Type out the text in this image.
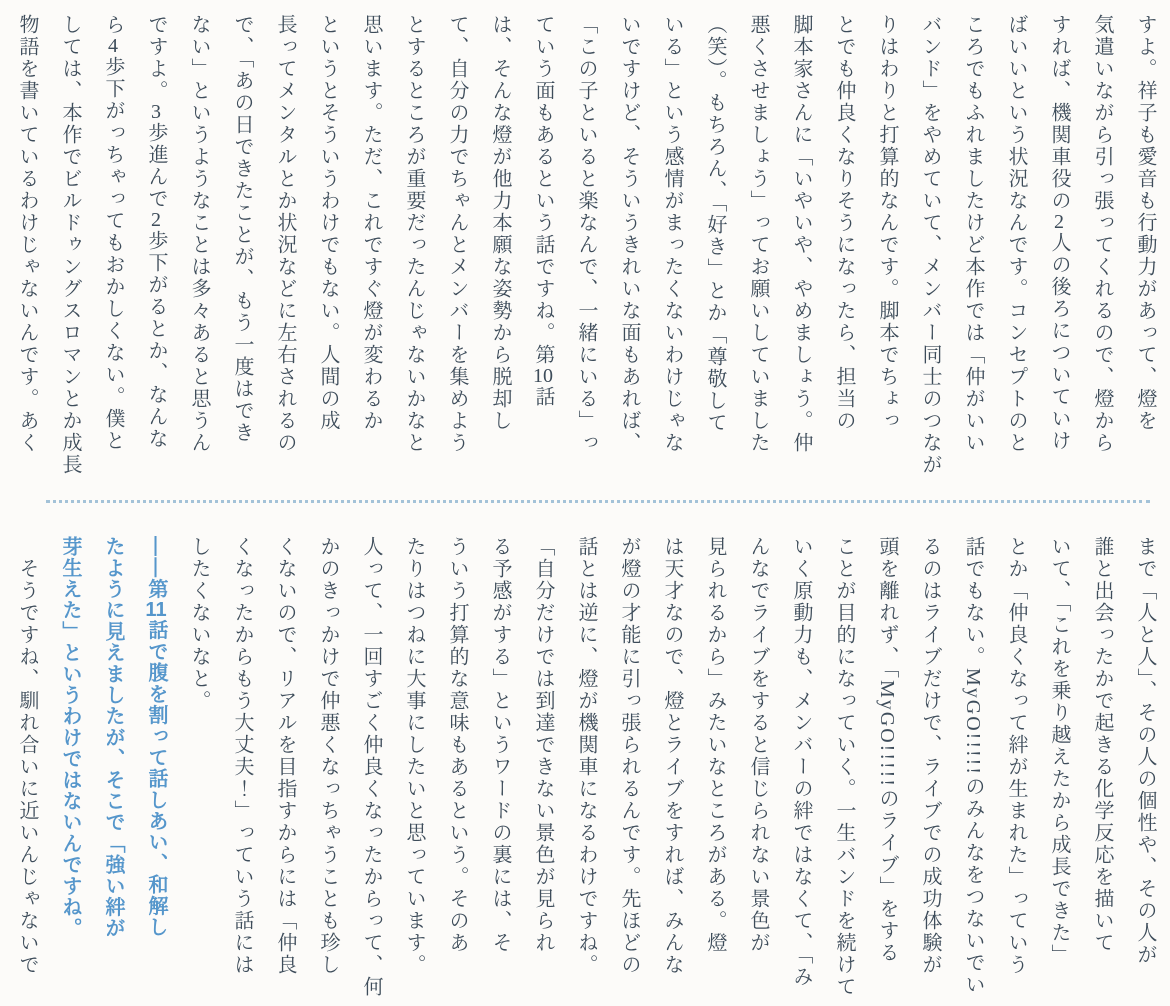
すよ。祥子も愛音も行動力があって、燈を

気遣いながら引っ張ってくれるので、燈から

すれば、機関車役の2人の後ろについていけ

ばいいという状況なんです。コンセプトのと

ころでもふれましたけど本作では「仲がいい

バンド」をやめていて、メンバー同士のつなが

りはわりと打算的なんです。脚本でちょっ

とでも仲良くなりそうになったら、担当の

脚本家さんに「いやいや、やめましょう。仲

悪くさせましょう」ってお願いしていました

（笑）。もちろん、「好き」とか「尊敬して

いる」という感情がまったくないわけじゃな

いですけど、そういうきれいな面もあれば、

「この子といると楽なんで、一緒にいる」っ

ていう面もあるという話ですね。第10話

は、そんな燈が他力本願な姿勢から脱却し

て、自分の力でちゃんとメンバーを集めよう

とするところが重要だったんじゃないかなと

思います。ただ、これですぐ燈が変わるか

というとそういうわけでもない。人間の成

長ってメンタルとか状況などに左右されるの

で、「あの日できたことが、もう一度はでき

ない」というようなことは多々あると思うん

ですよ。3歩進んで2歩下がるとか、なんな

ら4歩下がっちゃってもおかしくない。僕と

しては、本作でビルドゥングスロマンとか成長

物語を書いているわけじゃないんです。あく

まで「人と人」、その人の個性や、その人が

誰と出会ったかで起きる化学反応を描いて

いて、「これを乗り越えたから成長できた」

とか「仲良くなって絆が生まれた」っていう

話でもない。MyGO!!!!!のみんなをつないでい

るのはライブだけで、ライブでの成功体験が

頭を離れず、「MyGO!!!!!のライブ」をする

ことが目的になっていく。一生バンドを続けて

いく原動力も、メンバーの絆ではなくて、「み

んなでライブをすると信じられない景色が

見られるから」みたいなところがある。燈

は天才なので、燈とライブをすれば、みんな

が燈の才能に引っ張られるんです。先ほどの

話とは逆に、燈が機関車になるわけですね。

「自分だけでは到達できない景色が見られ

る予感がする」というワードの裏には、そ

ういう打算的な意味もあるという。そのあ

たりはつねに大事にしたいと思っています。

人って、一回すごく仲良くなったからって、何

かのきっかけで仲悪くなっちゃうことも珍し

くないので、リアルを目指すからには「仲良

くなったからもう大丈夫！」っていう話には

したくないなと。

――第11話で腹を割って話しあい、和解し

たように見えましたが、そこで「強い絆が

芽生えた」というわけではないんですね。

　そうですね、馴れ合いに近いんじゃないで
